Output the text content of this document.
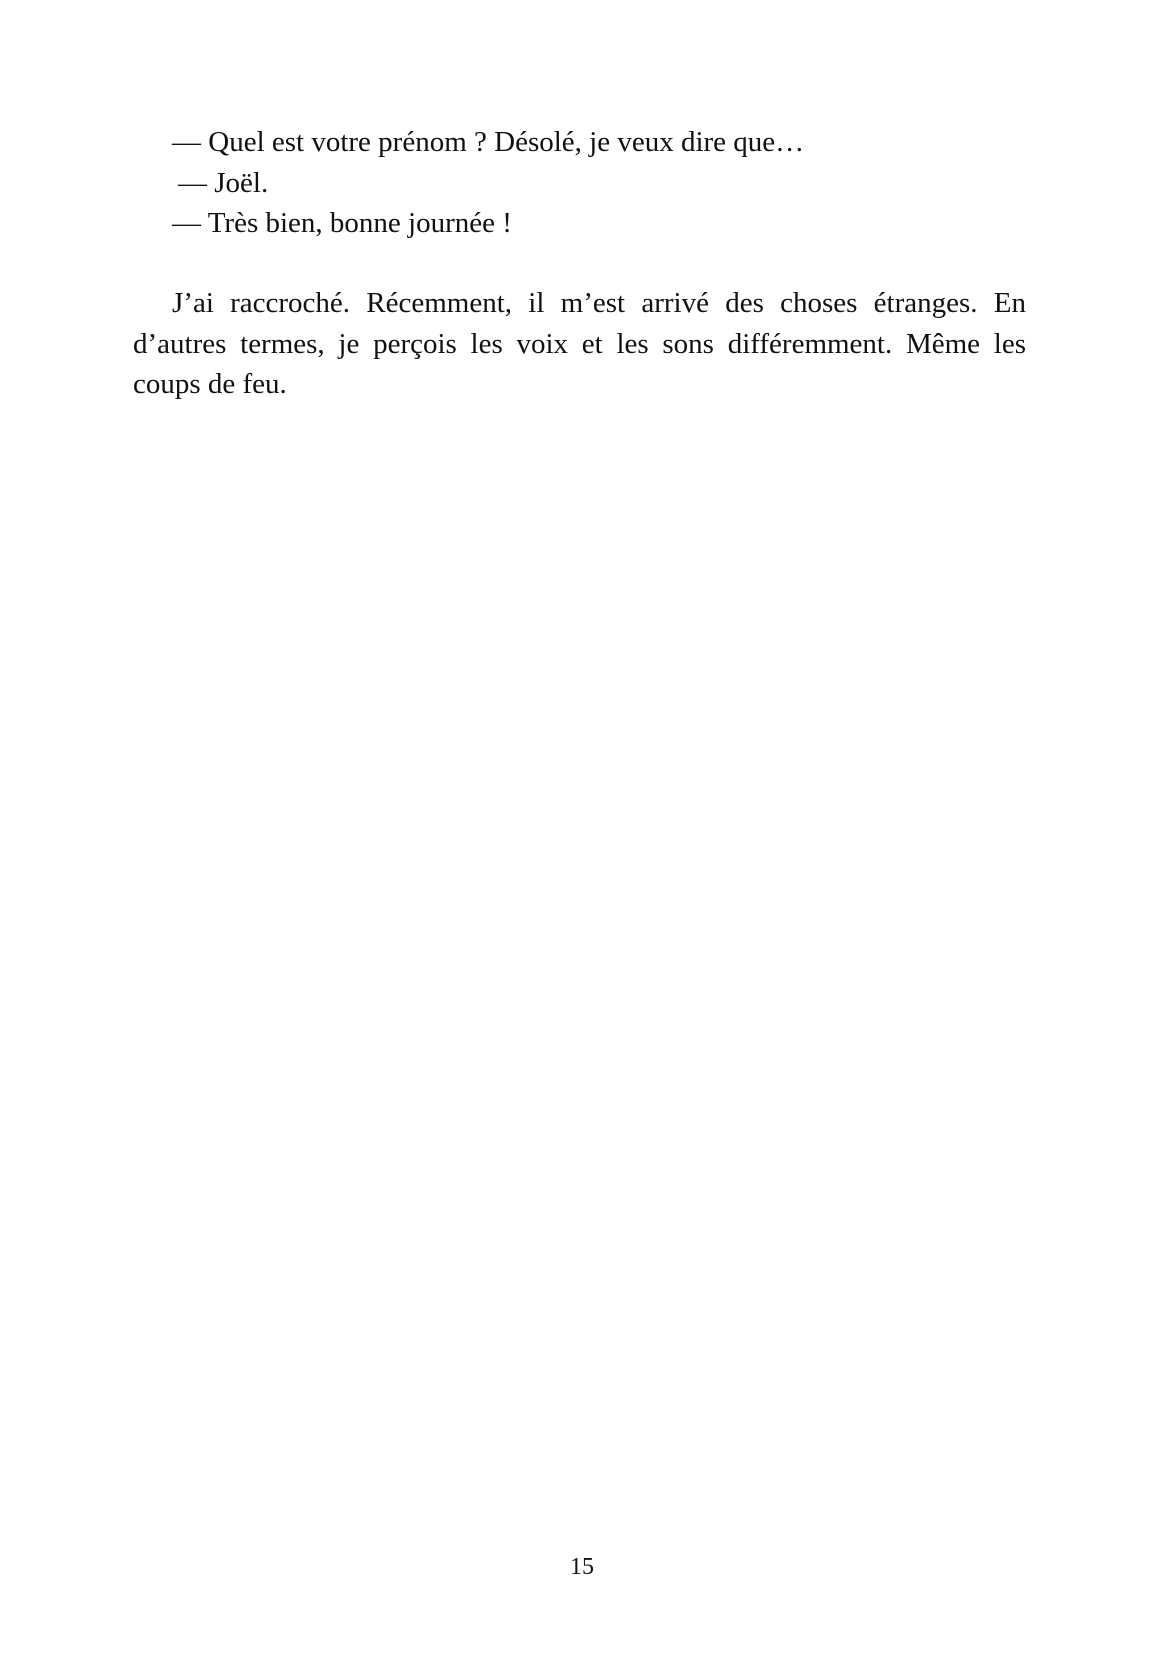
— Quel est votre prénom ? Désolé, je veux dire que…
— Joël.
— Très bien, bonne journée !

J’ai raccroché. Récemment, il m’est arrivé des choses étranges. En d’autres termes, je perçois les voix et les sons différemment. Même les coups de feu.

15
